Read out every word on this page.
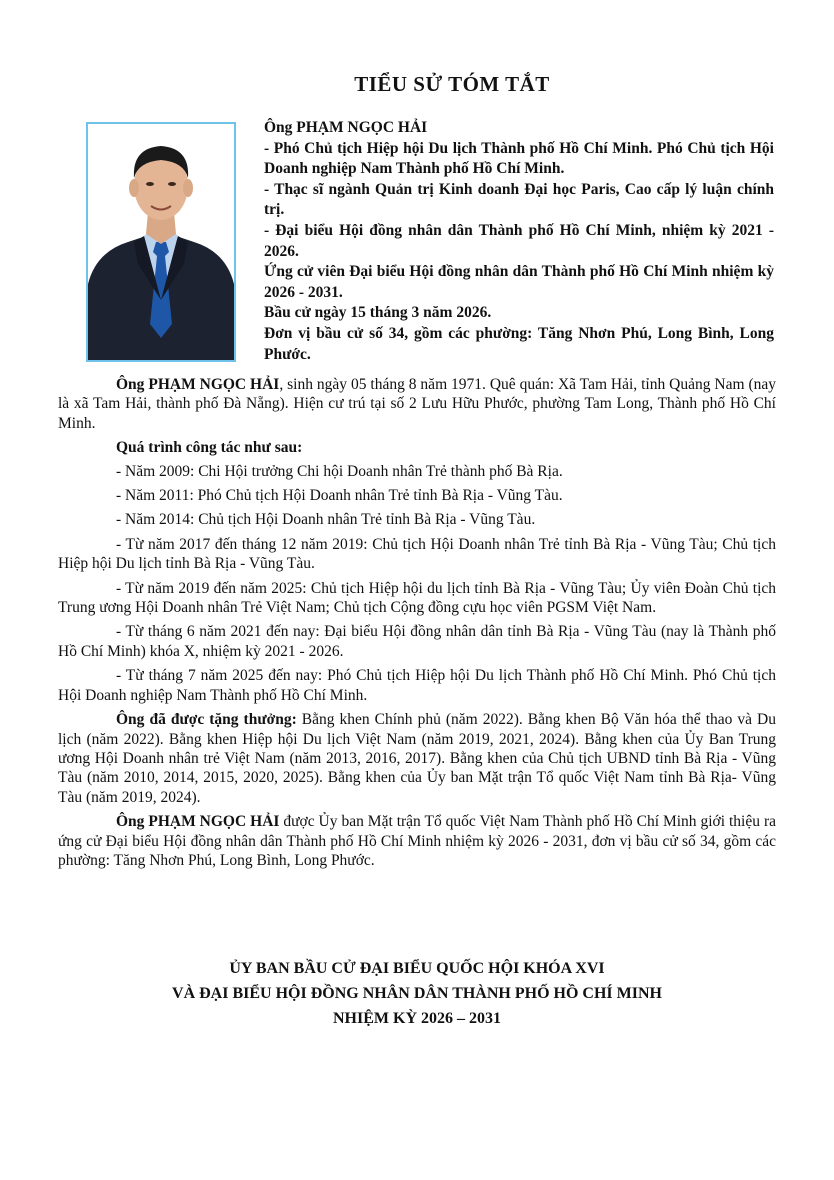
TIỂU SỬ TÓM TẮT
Ông PHẠM NGỌC HẢI
- Phó Chủ tịch Hiệp hội Du lịch Thành phố Hồ Chí Minh. Phó Chủ tịch Hội Doanh nghiệp Nam Thành phố Hồ Chí Minh.
- Thạc sĩ ngành Quản trị Kinh doanh Đại học Paris, Cao cấp lý luận chính trị.
- Đại biểu Hội đồng nhân dân Thành phố Hồ Chí Minh, nhiệm kỳ 2021 - 2026.
Ứng cử viên Đại biểu Hội đồng nhân dân Thành phố Hồ Chí Minh nhiệm kỳ 2026 - 2031.
Bầu cử ngày 15 tháng 3 năm 2026.
Đơn vị bầu cử số 34, gồm các phường: Tăng Nhơn Phú, Long Bình, Long Phước.

Ông PHẠM NGỌC HẢI, sinh ngày 05 tháng 8 năm 1971. Quê quán: Xã Tam Hải, tỉnh Quảng Nam (nay là xã Tam Hải, thành phố Đà Nẵng). Hiện cư trú tại số 2 Lưu Hữu Phước, phường Tam Long, Thành phố Hồ Chí Minh.

Quá trình công tác như sau:

- Năm 2009: Chi Hội trưởng Chi hội Doanh nhân Trẻ thành phố Bà Rịa.

- Năm 2011: Phó Chủ tịch Hội Doanh nhân Trẻ tỉnh Bà Rịa - Vũng Tàu.

- Năm 2014: Chủ tịch Hội Doanh nhân Trẻ tỉnh Bà Rịa - Vũng Tàu.

- Từ năm 2017 đến tháng 12 năm 2019: Chủ tịch Hội Doanh nhân Trẻ tỉnh Bà Rịa - Vũng Tàu; Chủ tịch Hiệp hội Du lịch tỉnh Bà Rịa - Vũng Tàu.

- Từ năm 2019 đến năm 2025: Chủ tịch Hiệp hội du lịch tỉnh Bà Rịa - Vũng Tàu; Ủy viên Đoàn Chủ tịch Trung ương Hội Doanh nhân Trẻ Việt Nam; Chủ tịch Cộng đồng cựu học viên PGSM Việt Nam.

- Từ tháng 6 năm 2021 đến nay: Đại biểu Hội đồng nhân dân tỉnh Bà Rịa - Vũng Tàu (nay là Thành phố Hồ Chí Minh) khóa X, nhiệm kỳ 2021 - 2026.

- Từ tháng 7 năm 2025 đến nay: Phó Chủ tịch Hiệp hội Du lịch Thành phố Hồ Chí Minh. Phó Chủ tịch Hội Doanh nghiệp Nam Thành phố Hồ Chí Minh.

Ông đã được tặng thưởng: Bằng khen Chính phủ (năm 2022). Bằng khen Bộ Văn hóa thể thao và Du lịch (năm 2022). Bằng khen Hiệp hội Du lịch Việt Nam (năm 2019, 2021, 2024). Bằng khen của Ủy Ban Trung ương Hội Doanh nhân trẻ Việt Nam (năm 2013, 2016, 2017). Bằng khen của Chủ tịch UBND tỉnh Bà Rịa - Vũng Tàu (năm 2010, 2014, 2015, 2020, 2025). Bằng khen của Ủy ban Mặt trận Tổ quốc Việt Nam tỉnh Bà Rịa- Vũng Tàu (năm 2019, 2024).

Ông PHẠM NGỌC HẢI được Ủy ban Mặt trận Tổ quốc Việt Nam Thành phố Hồ Chí Minh giới thiệu ra ứng cử Đại biểu Hội đồng nhân dân Thành phố Hồ Chí Minh nhiệm kỳ 2026 - 2031, đơn vị bầu cử số 34, gồm các phường: Tăng Nhơn Phú, Long Bình, Long Phước.

ỦY BAN BẦU CỬ ĐẠI BIỂU QUỐC HỘI KHÓA XVI
VÀ ĐẠI BIỂU HỘI ĐỒNG NHÂN DÂN THÀNH PHỐ HỒ CHÍ MINH
NHIỆM KỲ 2026 – 2031
